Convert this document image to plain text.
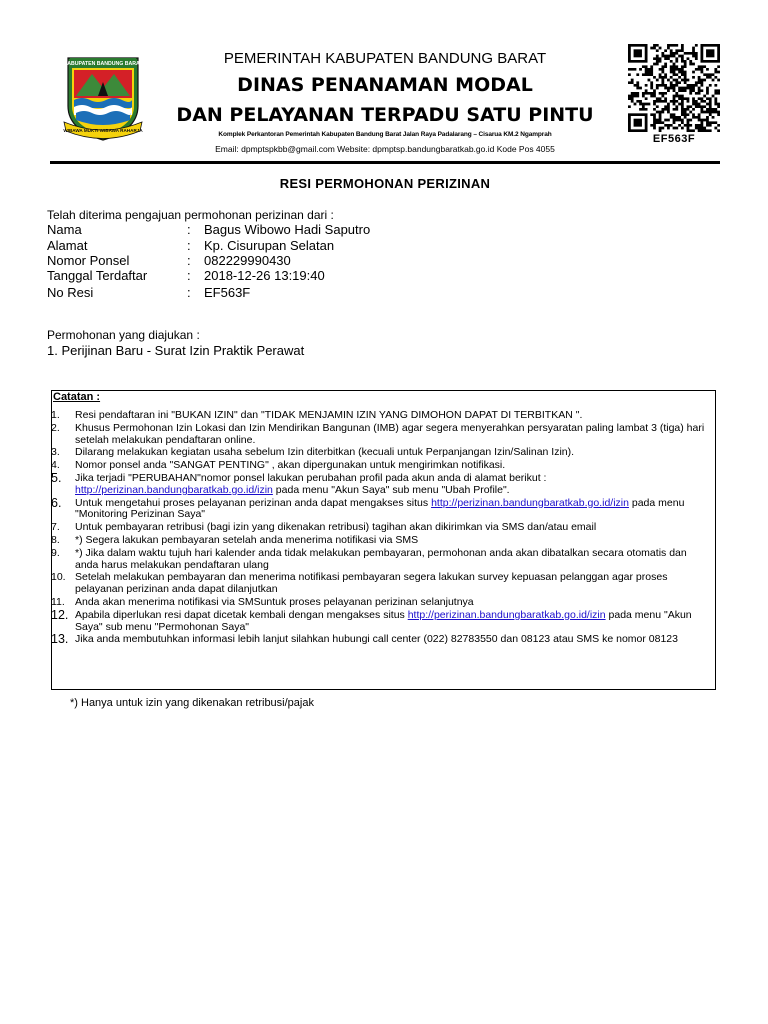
KABUPATEN BANDUNG BARAT
WIBAWA MUKTI WIBAWA RAHARJA
PEMERINTAH KABUPATEN BANDUNG BARAT
DINAS PENANAMAN MODAL
DAN PELAYANAN TERPADU SATU PINTU
Komplek Perkantoran Pemerintah Kabupaten Bandung Barat Jalan Raya Padalarang – Cisarua KM.2 Ngamprah
Email: dpmptspkbb@gmail.com Website: dpmptsp.bandungbaratkab.go.id Kode Pos 4055
EF563F
RESI PERMOHONAN PERIZINAN
Telah diterima pengajuan permohonan perizinan dari :
Nama	: Bagus Wibowo Hadi Saputro
Alamat	: Kp. Cisurupan Selatan
Nomor Ponsel	: 082229990430
Tanggal Terdaftar	: 2018-12-26 13:19:40
No Resi	: EF563F
Permohonan yang diajukan :
1. Perijinan Baru - Surat Izin Praktik Perawat
Catatan :
1.	Resi pendaftaran ini "BUKAN IZIN" dan "TIDAK MENJAMIN IZIN YANG DIMOHON DAPAT DI TERBITKAN ".
2.	Khusus Permohonan Izin Lokasi dan Izin Mendirikan Bangunan (IMB) agar segera menyerahkan persyaratan paling lambat 3 (tiga) hari setelah melakukan pendaftaran online.
3.	Dilarang melakukan kegiatan usaha sebelum Izin diterbitkan (kecuali untuk Perpanjangan Izin/Salinan Izin).
4.	Nomor ponsel anda "SANGAT PENTING" , akan dipergunakan untuk mengirimkan notifikasi.
5.	Jika terjadi "PERUBAHAN"nomor ponsel lakukan perubahan profil pada akun anda di alamat berikut : http://perizinan.bandungbaratkab.go.id/izin pada menu "Akun Saya" sub menu "Ubah Profile".
6.	Untuk mengetahui proses pelayanan perizinan anda dapat mengakses situs http://perizinan.bandungbaratkab.go.id/izin pada menu "Monitoring Perizinan Saya"
7.	Untuk pembayaran retribusi (bagi izin yang dikenakan retribusi) tagihan akan dikirimkan via SMS dan/atau email
8.	*) Segera lakukan pembayaran setelah anda menerima notifikasi via SMS
9.	*) Jika dalam waktu tujuh hari kalender anda tidak melakukan pembayaran, permohonan anda akan dibatalkan secara otomatis dan anda harus melakukan pendaftaran ulang
10. Setelah melakukan pembayaran dan menerima notifikasi pembayaran segera lakukan survey kepuasan pelanggan agar proses pelayanan perizinan anda dapat dilanjutkan
11. Anda akan menerima notifikasi via SMSuntuk proses pelayanan perizinan selanjutnya
12. Apabila diperlukan resi dapat dicetak kembali dengan mengakses situs http://perizinan.bandungbaratkab.go.id/izin pada menu "Akun Saya" sub menu "Permohonan Saya"
13. Jika anda membutuhkan informasi lebih lanjut silahkan hubungi call center (022) 82783550 dan 08123 atau SMS ke nomor 08123
*) Hanya untuk izin yang dikenakan retribusi/pajak
